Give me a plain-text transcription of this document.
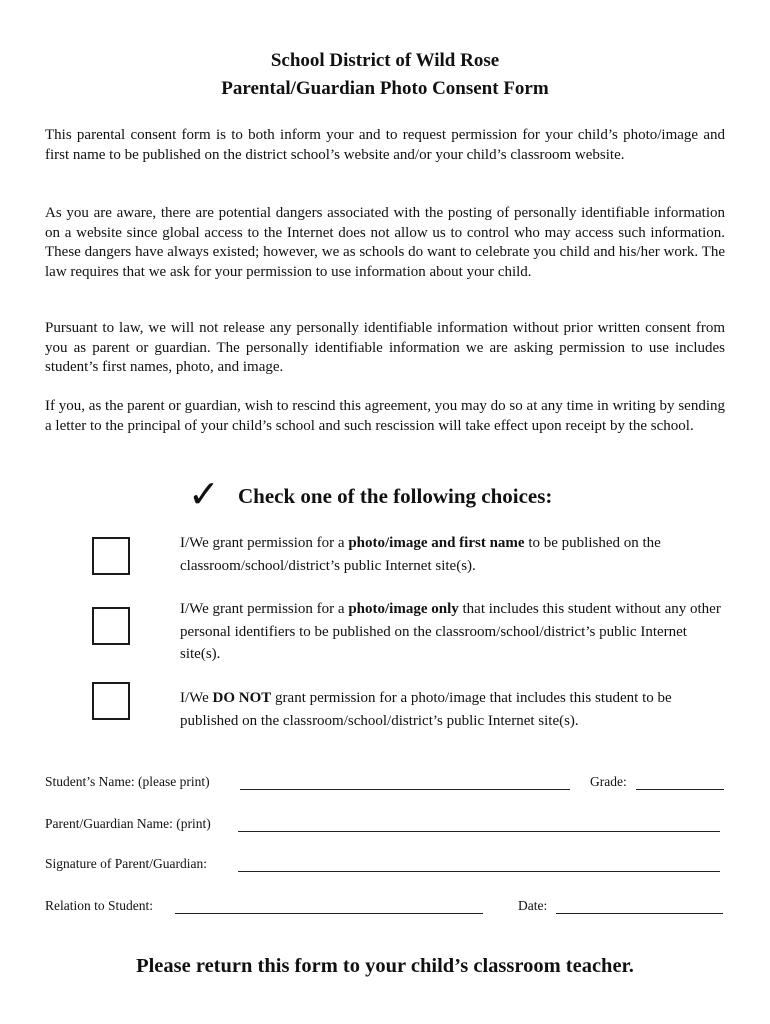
School District of Wild Rose
Parental/Guardian Photo Consent Form
This parental consent form is to both inform your and to request permission for your child’s photo/image and first name to be published on the district school’s website and/or your child’s classroom website.
As you are aware, there are potential dangers associated with the posting of personally identifiable information on a website since global access to the Internet does not allow us to control who may access such information. These dangers have always existed; however, we as schools do want to celebrate you child and his/her work. The law requires that we ask for your permission to use information about your child.
Pursuant to law, we will not release any personally identifiable information without prior written consent from you as parent or guardian. The personally identifiable information we are asking permission to use includes student’s first names, photo, and image.
If you, as the parent or guardian, wish to rescind this agreement, you may do so at any time in writing by sending a letter to the principal of your child’s school and such rescission will take effect upon receipt by the school.
✓ Check one of the following choices:
I/We grant permission for a photo/image and first name to be published on the classroom/school/district’s public Internet site(s).
I/We grant permission for a photo/image only that includes this student without any other personal identifiers to be published on the classroom/school/district’s public Internet site(s).
I/We DO NOT grant permission for a photo/image that includes this student to be published on the classroom/school/district’s public Internet site(s).
Student’s Name: (please print)	Grade:
Parent/Guardian Name: (print)
Signature of Parent/Guardian:
Relation to Student:	Date:
Please return this form to your child’s classroom teacher.
